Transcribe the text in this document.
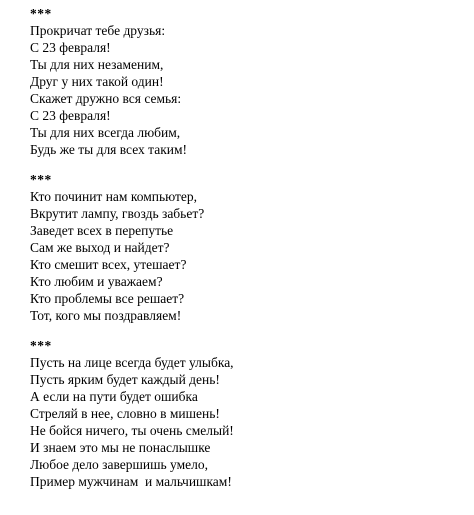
***
Прокричат тебе друзья:
С 23 февраля!
Ты для них незаменим,
Друг у них такой один!
Скажет дружно вся семья:
С 23 февраля!
Ты для них всегда любим,
Будь же ты для всех таким!
***
Кто починит нам компьютер,
Вкрутит лампу, гвоздь забьет?
Заведет всех в перепутье
Сам же выход и найдет?
Кто смешит всех, утешает?
Кто любим и уважаем?
Кто проблемы все решает?
Тот, кого мы поздравляем!
***
Пусть на лице всегда будет улыбка,
Пусть ярким будет каждый день!
А если на пути будет ошибка
Стреляй в нее, словно в мишень!
Не бойся ничего, ты очень смелый!
И знаем это мы не понаслышке
Любое дело завершишь умело,
Пример мужчинам  и мальчишкам!
